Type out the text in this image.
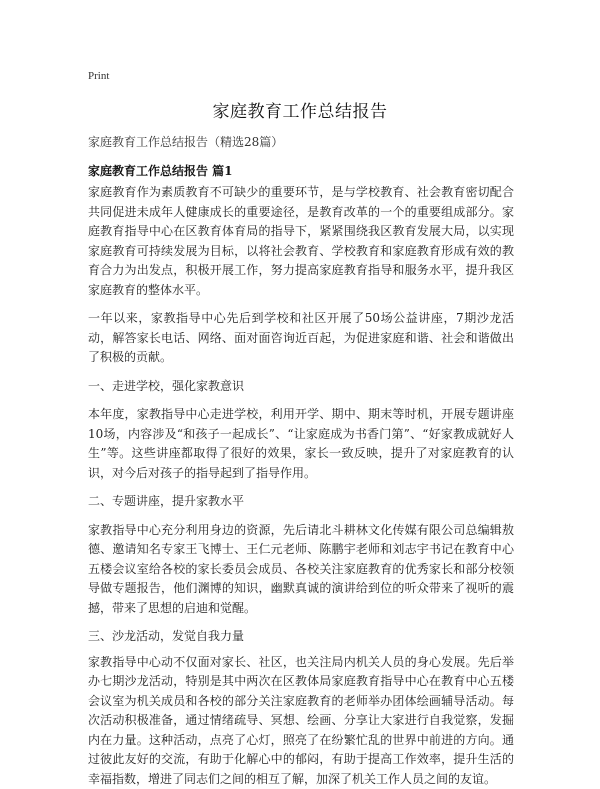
Print
家庭教育工作总结报告
家庭教育工作总结报告（精选28篇）
家庭教育工作总结报告 篇1

家庭教育作为素质教育不可缺少的重要环节，是与学校教育、社会教育密切配合共同促进未成年人健康成长的重要途径，是教育改革的一个的重要组成部分。家庭教育指导中心在区教育体育局的指导下，紧紧围绕我区教育发展大局，以实现家庭教育可持续发展为目标，以将社会教育、学校教育和家庭教育形成有效的教育合力为出发点，积极开展工作，努力提高家庭教育指导和服务水平，提升我区家庭教育的整体水平。

一年以来，家教指导中心先后到学校和社区开展了50场公益讲座，7期沙龙活动，解答家长电话、网络、面对面咨询近百起，为促进家庭和谐、社会和谐做出了积极的贡献。

一、走进学校，强化家教意识

本年度，家教指导中心走进学校，利用开学、期中、期末等时机，开展专题讲座10场，内容涉及“和孩子一起成长”、“让家庭成为书香门第”、“好家教成就好人生”等。这些讲座都取得了很好的效果，家长一致反映，提升了对家庭教育的认识，对今后对孩子的指导起到了指导作用。

二、专题讲座，提升家教水平

家教指导中心充分利用身边的资源，先后请北斗耕林文化传媒有限公司总编辑敖德、邀请知名专家王飞博士、王仁元老师、陈鹏宇老师和刘志宇书记在教育中心五楼会议室给各校的家长委员会成员、各校关注家庭教育的优秀家长和部分校领导做专题报告，他们渊博的知识，幽默真诚的演讲给到位的听众带来了视听的震撼，带来了思想的启迪和觉醒。

三、沙龙活动，发觉自我力量

家教指导中心动不仅面对家长、社区，也关注局内机关人员的身心发展。先后举办七期沙龙活动，特别是其中两次在区教体局家庭教育指导中心在教育中心五楼会议室为机关成员和各校的部分关注家庭教育的老师举办团体绘画辅导活动。每次活动积极准备，通过情绪疏导、冥想、绘画、分享让大家进行自我觉察，发掘内在力量。这种活动，点亮了心灯，照亮了在纷繁忙乱的世界中前进的方向。通过彼此友好的交流，有助于化解心中的郁闷，有助于提高工作效率，提升生活的幸福指数，增进了同志们之间的相互了解，加深了机关工作人员之间的友谊。
